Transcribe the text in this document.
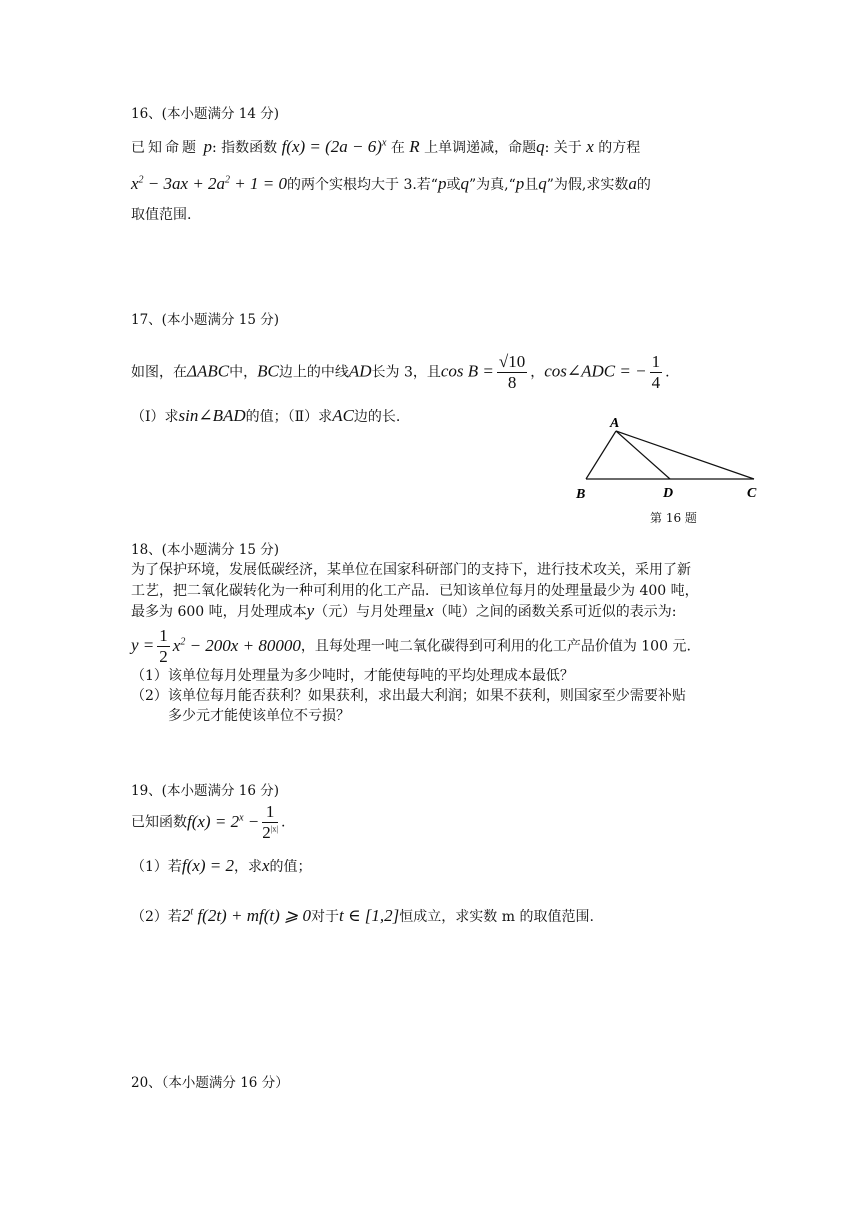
16、(本小题满分 14 分)
已知命题 p: 指数函数 $f(x) = (2a - 6)^x$ 在 R 上单调递减，命题q: 关于 x 的方程
$x^2 - 3ax + 2a^2 + 1 = 0$的两个实根均大于 3.若“p或q”为真,“p且q”为假,求实数a的
取值范围.
17、(本小题满分 15 分)
如图，在ΔABC中，BC边上的中线AD长为 3，且$\cos B = \frac{√10}{8}$ ，cos∠ADC = − $\frac{1}{4}$ .
（Ⅰ）求sin∠BAD的值；（Ⅱ）求AC边的长.	A
B	D	C
第 16 题
18、(本小题满分 15 分)
为了保护环境，发展低碳经济，某单位在国家科研部门的支持下，进行技术攻关，采用了新
工艺，把二氧化碳转化为一种可利用的化工产品．已知该单位每月的处理量最少为 400 吨，
最多为 600 吨，月处理成本y（元）与月处理量x（吨）之间的函数关系可近似的表示为:
$y = \frac{1}{2} x^2 - 200x + 80000$，且每处理一吨二氧化碳得到可利用的化工产品价值为 100 元.
（1）该单位每月处理量为多少吨时，才能使每吨的平均处理成本最低？
（2）该单位每月能否获利？如果获利，求出最大利润；如果不获利，则国家至少需要补贴
多少元才能使该单位不亏损？
19、(本小题满分 16 分)
已知函数$f(x) = 2^x - \frac{1}{2^{|x|}}$ .
（1）若f(x) = 2，求x的值；
（2）若2$^t$ f(2t) + mf(t) ⩾ 0对于t ∈ [1,2]恒成立，求实数 m 的取值范围.
20、（本小题满分 16 分）
